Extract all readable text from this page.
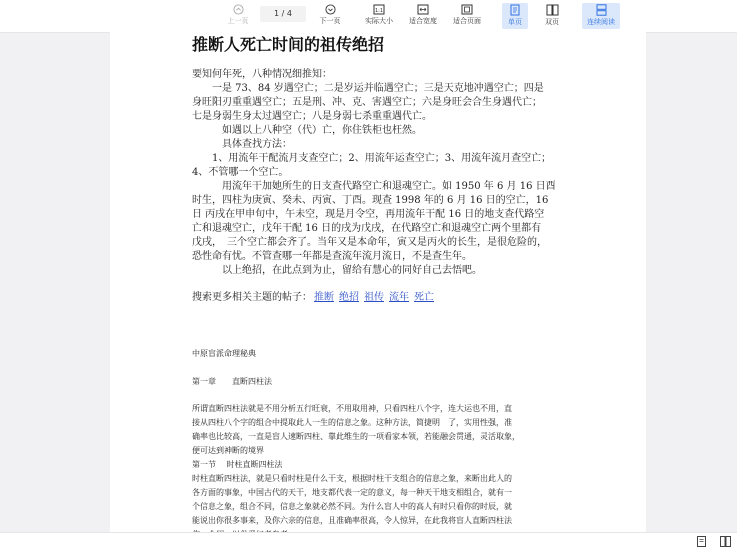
上一页
1 / 4
下一页
1:1
实际大小	适合宽度	适合页面	单页	双页	连续阅读
推断人死亡时间的祖传绝招
要知何年死，八种情况细推知：
　　一是 73、84 岁遇空亡；二是岁运并临遇空亡；三是天克地冲遇空亡；四是
身旺阳刃重重遇空亡；五是刑、冲、克、害遇空亡；六是身旺会合生身遇代亡；
七是身弱生身太过遇空亡；八是身弱七杀重重遇代亡。
　　　如遇以上八种空（代）亡，你住铁柜也枉然。
　　　具体查找方法：
　　1、用流年干配流月支查空亡；2、用流年运查空亡；3、用流年流月查空亡；
4、不管哪一个空亡。
　　　用流年干加她所生的日支查代路空亡和退魂空亡。如 1950 年 6 月 16 日酉
时生，四柱为庚寅、癸未、丙寅、丁酉。现查 1998 年的 6 月 16 日的空亡，16
日 丙戌在甲申旬中，午未空，现是月令空，再用流年干配 16 日的地支查代路空
亡和退魂空亡，戊年干配 16 日的戌为戊戌，在代路空亡和退魂空亡两个里都有
戊戌，　三个空亡都会齐了。当年又是本命年，寅又是丙火的长生，是很危险的，
恐性命有忧。不管查哪一年都是查流年流月流日，不是查生年。
　　　以上绝招，在此点到为止，留给有慧心的同好自己去悟吧。
搜索更多相关主题的帖子： 推断 绝招 祖传 流年 死亡
中原盲派命理秘典
第一章　　直断四柱法
所谓直断四柱法就是不用分析五行旺衰，不用取用神，只看四柱八个字，连大运也不用，直
接从四柱八个字的组合中提取此人一生的信息之象。这种方法，简捷明　了，实用性强，准
确率也比较高，一直是盲人速断四柱、靠此维生的一项看家本领，若能融会贯通，灵活取象，
便可达到神断的境界
第一节　 时柱直断四柱法
时柱直断四柱法，就是只看时柱是什么干支，根据时柱干支组合的信息之象，来断出此人的
各方面的事象，中国古代的天干，地支都代表一定的意义，每一种天干地支相组合，就有一
个信息之象，组合不同，信息之象就必然不同。为什么盲人中的高人有时只看你的时辰，就
能说出你很多事来，及你六亲的信息，且准确率很高，令人惊异，在此我将盲人直断四柱法
